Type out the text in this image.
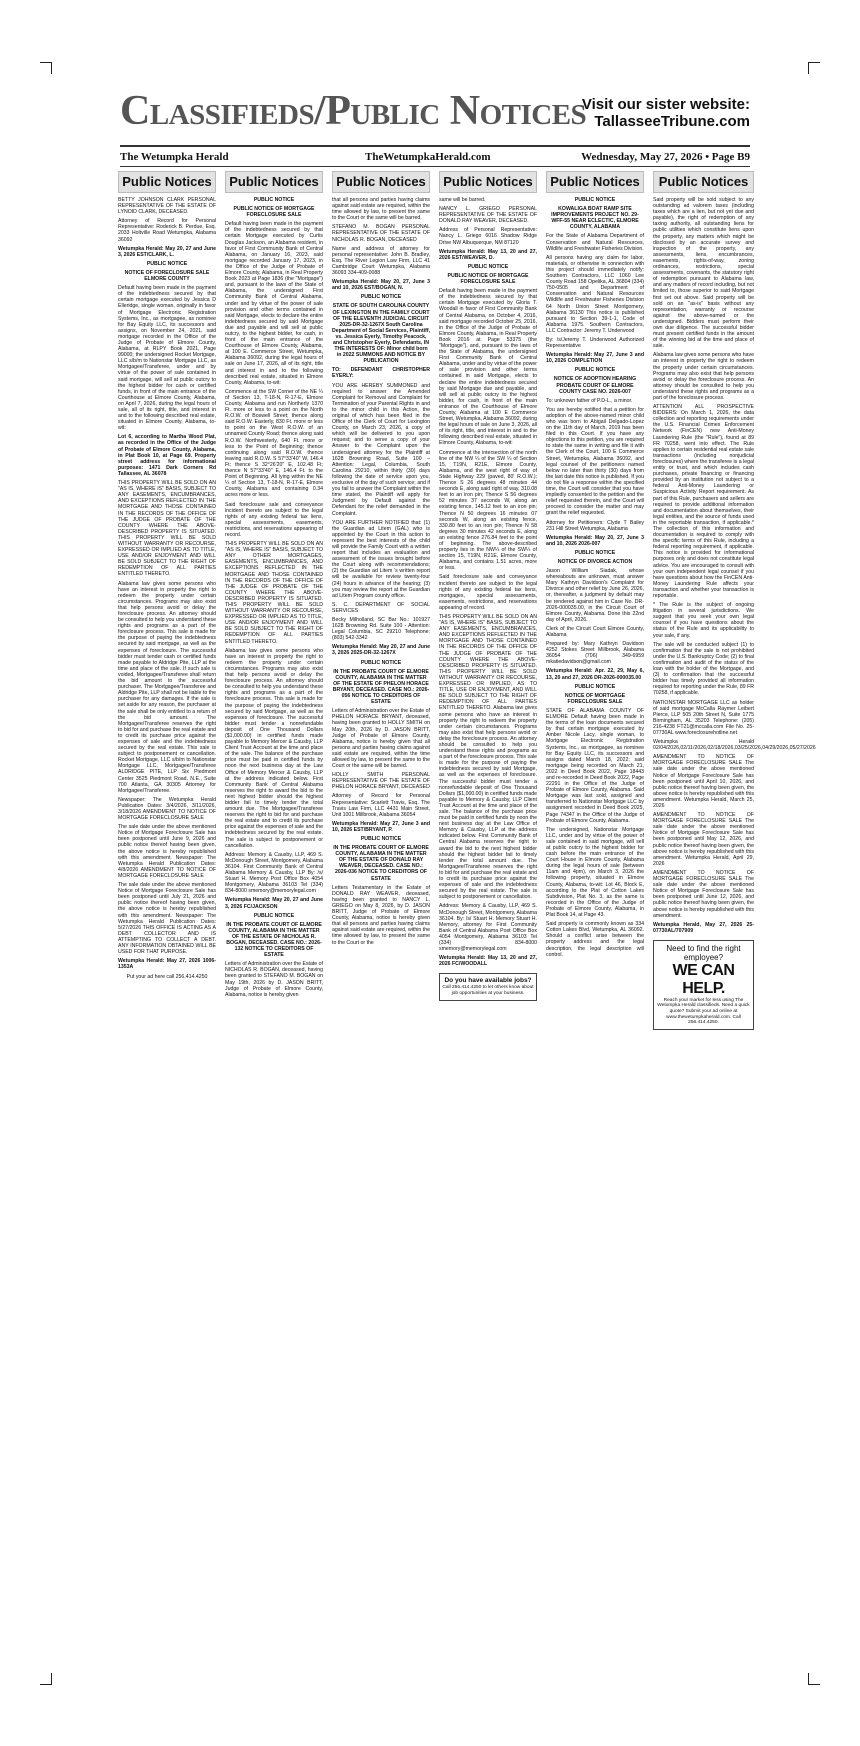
Classifieds/Public Notices
Visit our sister website:
TallasseeTribune.com
The Wetumpka Herald	TheWetumpkaHerald.com	Wednesday, May 27, 2026 • Page B9
Public Notices

BETTY JOHNSON CLARK PERSONAL REPRESENTATIVE OF THE ESTATE OF LYNOID CLARK, DECEASED.

Attorney of Record for Personal Representative: Roderick B. Perdue, Esq. 2033 Holtville Road Wetumpka, Alabama 36092

Wetumpka Herald: May 20, 27 and June 3, 2026 EST/CLARK, L.

PUBLIC NOTICE
NOTICE OF FORECLOSURE SALE ELMORE COUNTY

Default having been made in the payment of the indebtedness secured by that certain mortgage executed by Jessica D Elleridge, single woman, originally in favor of Mortgage Electronic Registration Systems, Inc., as mortgagee, as nominee for Bay Equity LLC, its successors and assigns, on November 24, 2021, said mortgage recorded in the Office of the Judge of Probate of Elmore County, Alabama, at RLPY Book 2021, Page 99000; the undersigned Rocket Mortgage, LLC s/b/m to Nationstar Mortgage LLC, as Mortgagee/Transferee, under and by virtue of the power of sale contained in said mortgage, will sell at public outcry to the highest bidder for cash or certified funds, in front of the main entrance of the Courthouse at Elmore County, Alabama, on April 7, 2026, during the legal hours of sale, all of its right, title, and interest in and to the following described real estate, situated in Elmore County, Alabama, to-wit:

Lot 6, according to Martha Wood Plat, as recorded in the Office of the Judge of Probate of Elmore County, Alabama, in Plat Book 10, at Page 69. Property street address for informational purposes: 1471 Dark Corners Rd Tallassee, AL 36078

THIS PROPERTY WILL BE SOLD ON AN "AS IS, WHERE IS" BASIS, SUBJECT TO ANY EASEMENTS, ENCUMBRANCES, AND EXCEPTIONS REFLECTED IN THE MORTGAGE AND THOSE CONTAINED IN THE RECORDS OF THE OFFICE OF THE JUDGE OF PROBATE OF THE COUNTY WHERE THE ABOVE-DESCRIBED PROPERTY IS SITUATED. THIS PROPERTY WILL BE SOLD WITHOUT WARRANTY OR RECOURSE, EXPRESSED OR IMPLIED AS TO TITLE, USE AND/OR ENJOYMENT AND WILL BE SOLD SUBJECT TO THE RIGHT OF REDEMPTION OF ALL PARTIES ENTITLED THERETO.

Alabama law gives some persons who have an interest in property the right to redeem the property under certain circumstances. Programs may also exist that help persons avoid or delay the foreclosure process. An attorney should be consulted to help you understand these rights and programs as a part of the foreclosure process. This sale is made for the purpose of paying the indebtedness secured by said mortgage, as well as the expenses of foreclosure. The successful bidder must tender cash or certified funds made payable to Aldridge Pite, LLP at the time and place of the sale. If such sale is voided, Mortgagee/Transferee shall return the bid amount to the successful purchaser. The Mortgagee/Transferee and Aldridge Pite, LLP shall not be liable to the purchaser for any damages. If the sale is set aside for any reason, the purchaser at the sale shall be only entitled to a return of the bid amount. The Mortgagee/Transferee reserves the right to bid for and purchase the real estate and to credit its purchase price against the expenses of sale and the indebtedness secured by the real estate. This sale is subject to postponement or cancellation. Rocket Mortgage, LLC s/b/m to Nationstar Mortgage LLC, Mortgagee/Transferee ALDRIDGE PITE, LLP Six Piedmont Center 3525 Piedmont Road, N.E., Suite 700 Atlanta, GA 30305 Attorney for Mortgagee/Transferee.

Newspaper: The Wetumpka Herald Publication Dates: 3/4/2026, 3/11/2026, 3/18/2026 AMENDMENT TO NOTICE OF MORTGAGE FORECLOSURE SALE

The sale date under the above mentioned Notice of Mortgage Foreclosure Sale has been postponed until June 9, 2026 and public notice thereof having been given, the above notice is hereby republished with this amendment. Newspaper: The Wetumpka Herald Publication Dates: 4/8/2026 AMENDMENT TO NOTICE OF MORTGAGE FORECLOSURE SALE

The sale date under the above mentioned Notice of Mortgage Foreclosure Sale has been postponed until July 21, 2026 and public notice thereof having been given, the above notice is hereby republished with this amendment. Newspaper: The Wetumpka Herald Publication Dates: 5/27/2026 THIS OFFICE IS ACTING AS A DEBT COLLECTOR AND IS ATTEMPTING TO COLLECT A DEBT. ANY INFORMATION OBTAINED WILL BE USED FOR THAT PURPOSE.

Wetumpka Herald: May 27, 2026 1006-1353A

Put your ad here call 256.414.4250
Public Notices
PUBLIC NOTICE
PUBLIC NOTICE OF MORTGAGE FORECLOSURE SALE

Default having been made in the payment of the indebtedness secured by that certain Mortgage executed by Curtis Douglas Jackson, an Alabama resident, in favor of First Community Bank of Central Alabama, on January 16, 2023, said mortgage recorded January 17, 2023, in the Office of the Judge of Probate of Elmore County, Alabama, in Real Property Book 2023 at Page 1836 (the "Mortgage") and, pursuant to the laws of the State of Alabama, the undersigned First Community Bank of Central Alabama, under and by virtue of the power of sale provision and other terms contained in said Mortgage, elects to declare the entire indebtedness secured by said Mortgage due and payable and will sell at public outcry, to the highest bidder, for cash, in front of the main entrance of the Courthouse of Elmore County, Alabama, at 100 E. Commerce Street, Wetumpka, Alabama 36092, during the legal hours of sale on June 17, 2026, all of its right, title and interest in and to the following described real estate, situated in Elmore County, Alabama, to-wit:

Commence at the SW Corner of the NE ¼ of Section 13, T-18-N, R-17-E, Elmore County, Alabama and run Northerly 1370 Ft. more or less to a point on the North R.O.W. of Boswell Street; thence along said R.O.W. Easterly, 830 Ft. more or less to point on the West R.O.W. of an unnamed County Road; thence along said R.O.W. Northwesterly, 640 Ft. more or less to the Point of Beginning; thence continuing along said R.O.W. thence leaving said R.O.W. S 57°33'40" W, 146.4 Ft; thence S 32°26'20" E, 102.48 Ft; thence N 57°33'40" E, 146.4 Ft. to the Point of Beginning. All lying within the NE ¼ of Section 13, T-18-N, R-17-E, Elmore County, Alabama and containing 0.34 acres more or less.

Said foreclosure sale and conveyance incident thereto are subject to the legal rights of any existing federal tax liens, special assessments, easements, restrictions, and reservations appearing of record.

THIS PROPERTY WILL BE SOLD ON AN "AS IS, WHERE IS" BASIS, SUBJECT TO ANY OTHER MORTGAGES, EASEMENTS, ENCUMBRANCES, AND EXCEPTIONS REFLECTED IN THE MORTGAGE AND THOSE CONTAINED IN THE RECORDS OF THE OFFICE OF THE JUDGE OF PROBATE OF THE COUNTY WHERE THE ABOVE-DESCRIBED PROPERTY IS SITUATED. THIS PROPERTY WILL BE SOLD WITHOUT WARRANTY OR RECOURSE, EXPRESSED OR IMPLIED AS TO TITLE, USE AND/OR ENJOYMENT AND WILL BE SOLD SUBJECT TO THE RIGHT OF REDEMPTION OF ALL PARTIES ENTITLED THERETO.

Alabama law gives some persons who have an interest in property the right to redeem the property under certain circumstances. Programs may also exist that help persons avoid or delay the foreclosure process. An attorney should be consulted to help you understand these rights and programs as a part of the foreclosure process. This sale is made for the purpose of paying the indebtedness secured by said Mortgage, as well as the expenses of foreclosure. The successful bidder must tender a nonrefundable deposit of One Thousand Dollars ($1,000.00) in certified funds made payable to Memory Mercer & Causby, LLP Client Trust Account at the time and place of the sale. The balance of the purchase price must be paid in certified funds by noon the next business day at the Law Office of Memory Mercer & Causby, LLP at the address indicated below. First Community Bank of Central Alabama reserves the right to award the bid to the next highest bidder should the highest bidder fail to timely tender the total amount due. The Mortgagee/Transferee reserves the right to bid for and purchase the real estate and to credit its purchase price against the expenses of sale and the indebtedness secured by the real estate. The sale is subject to postponement or cancellation.

Address: Memory & Causby, LLP, 469 S. McDonough Street, Montgomery, Alabama 36104. First Community Bank of Central Alabama Memory & Causby, LLP By: /s/ Stuart H. Memory Post Office Box 4054 Montgomery, Alabama 36103 Tel (334) 834-8000 smemory@memorylegal.com

Wetumpka Herald: May 20, 27 and June 3, 2026 FC/JACKSON

PUBLIC NOTICE
IN THE PROBATE COURT OF ELMORE COUNTY, ALABAMA IN THE MATTER OF THE ESTATE OF NICHOLAS R. BOGAN, DECEASED. CASE NO.: 2026-132 NOTICE TO CREDITORS OF ESTATE

Letters of Administration over the Estate of NICHOLAS R. BOGAN, deceased, having been granted to STEFANO M. BOGAN on May 19th, 2026 by D. JASON BRITT, Judge of Probate of Elmore County, Alabama, notice is hereby given

Public Notices

that all persons and parties having claims against said estate are required, within the time allowed by law, to present the same to the Court or the same will be barred.

STEFANO M. BOGAN PERSONAL REPRESENTATIVE OF THE ESTATE OF NICHOLAS R. BOGAN, DECEASED

Name and address of attorney for personal representative: John B. Bradley, Esq. The River Legion Law Firm, LLC 41 Cambridge Court Wetumpka, Alabama 36093 334-409-0088

Wetumpka Herald: May 20, 27, June 3 and 10, 2026 EST/BOGAN, N.

PUBLIC NOTICE
STATE OF SOUTH CAROLINA COUNTY OF LEXINGTON IN THE FAMILY COURT OF THE ELEVENTH JUDICIAL CIRCUIT 2025-DR-32-1267X South Carolina Department of Social Services, Plaintiff, vs. Jessica Eyerly, Timothy Peacock, and Christopher Eyerly, Defendants, IN THE INTERESTS OF: Minor child born in 2022 SUMMONS AND NOTICE BY PUBLICATION

TO: DEFENDANT CHRISTOPHER EYERLY:

YOU ARE HEREBY SUMMONED and required to answer the Amended Complaint for Removal and Complaint for Termination of your Parental Rights in and to the minor child in this Action, the original of which has been filed in the Office of the Clerk of Court for Lexington County, on March 23, 2026, a copy of which will be delivered to you upon request; and to serve a copy of your Answer to the Complaint upon the undersigned attorney for the Plaintiff at 1628 Browning Road, Suite 100 – Attention: Legal, Columbia, South Carolina 29210, within thirty (30) days following the date of service upon you, exclusive of the day of such service; and if you fail to answer the Complaint within the time stated, the Plaintiff will apply for Judgment by Default against the Defendant for the relief demanded in the Complaint.

YOU ARE FURTHER NOTIFIED that: (1) the Guardian ad Litem (GAL) who is appointed by the Court in this action to represent the best interests of the child will provide the Family Court with a written report that includes an evaluation and assessment of the issues brought before the Court along with recommendations; (2) the Guardian ad Litem 's written report will be available for review twenty-four (24) hours in advance of the hearing; (3) you may review the report at the Guardian ad Litem Program county office.

S. C. DEPARTMENT OF SOCIAL SERVICES

Becky Milholland, SC Bar No.: 101927 1628 Browning Rd. Suite 100 - Attention: Legal Columbia, SC 29210 Telephone: (803) 542-3342

Wetumpka Herald: May 20, 27 and June 3, 2026 2025-DR-32-1267X

PUBLIC NOTICE
IN THE PROBATE COURT OF ELMORE COUNTY, ALABAMA IN THE MATTER OF THE ESTATE OF PHELON HORACE BRYANT, DECEASED. CASE NO.: 2026-056 NOTICE TO CREDITORS OF ESTATE

Letters of Administration over the Estate of PHELON HORACE BRYANT, deceased, having been granted to HOLLY SMITH on May 20th, 2026 by D. JASON BRITT, Judge of Probate of Elmore County, Alabama, notice is hereby given that all persons and parties having claims against said estate are required, within the time allowed by law, to present the same to the Court or the same will be barred.

HOLLY SMITH PERSONAL REPRESENTATIVE OF THE ESTATE OF PHELON HORACE BRYANT, DECEASED

Attorney of Record for Personal Representative: Scarlett Travis, Esq. The Travis Law Firm, LLC 4431 Main Street, Unit 1001 Millbrook, Alabama 36054

Wetumpka Herald: May 27, June 3 and 10, 2026 EST/BRYANT, P.

PUBLIC NOTICE
IN THE PROBATE COURT OF ELMORE COUNTY, ALABAMA IN THE MATTER OF THE ESTATE OF DONALD RAY WEAVER, DECEASED. CASE NO.: 2026-036 NOTICE TO CREDITORS OF ESTATE

Letters Testamentary in the Estate of DONALD RAY WEAVER, deceased, having been granted to NANCY L. GRIEGO on May 8, 2026, by D. JASON BRITT, Judge of Probate of Elmore County, Alabama, notice is hereby given that all persons and parties having claims against said estate are required, within the time allowed by law, to present the same to the Court or the

Public Notices

same will be barred.

NANCY L. GRIEGO PERSONAL REPRESENTATIVE OF THE ESTATE OF DONALD RAY WEAVER, DECEASED.

Address of Personal Representative: Nancy L. Griego 6016 Shadow Ridge Drive NW Albuquerque, NM 87120

Wetumpka Herald: May 13, 20 and 27, 2026 EST/WEAVER, D.

PUBLIC NOTICE
PUBLIC NOTICE OF MORTGAGE FORECLOSURE SALE

Default having been made in the payment of the indebtedness secured by that certain Mortgage executed by Gloria T. Woodall in favor of First Community Bank of Central Alabama, on October 4, 2016, said mortgage recorded October 25, 2016, in the Office of the Judge of Probate of Elmore County, Alabama, in Real Property Book 2016 at Page 53375 (the "Mortgage"), and, pursuant to the laws of the State of Alabama, the undersigned First Community Bank of Central Alabama, under and by virtue of the power of sale provision and other terms contained in said Mortgage, elects to declare the entire indebtedness secured by said Mortgage due and payable, and will sell at public outcry to the highest bidder, for cash, in front of the main entrance of the Courthouse of Elmore County, Alabama at 100 E Commerce Street, Wetumpka, Alabama 36092, during the legal hours of sale on June 3, 2026, all of its right, title, and interest in and to the following described real estate, situated in Elmore County, Alabama, to-wit:

Commence at the intersection of the north line of the NW ¼ of the SW ¼ of Section 15, T19N, R21E, Elmore County, Alabama, and the west right of way of State Highway 229 (paved, 80' R.O.W.); Thence S 26 degrees 48 minutes 44 seconds E, along said right of way, 310.08 feet to an iron pin; Thence S 56 degrees 52 minutes 37 seconds W, along an existing fence, 145.12 feet to an iron pin; Thence N 50 degrees 16 minutes 07 seconds W, along an existing fence, 330.80 feet to an iron pin; Thence N 58 degrees 30 minutes 42 seconds E, along an existing fence 276.84 feet to the point of beginning. The above-described property lies in the NW¼ of the SW¼ of section 15, T19N, R21E, Elmore County, Alabama, and contains 1.51 acres, more or less.

Said foreclosure sale and conveyance incident thereto are subject to the legal rights of any existing federal tax liens, mortgages, special assessments, easements, restrictions, and reservations appearing of record.

THIS PROPERTY WILL BE SOLD ON AN "AS IS, WHERE IS" BASIS, SUBJECT TO ANY EASEMENTS, ENCUMBRANCES, AND EXCEPTIONS REFLECTED IN THE MORTGAGE AND THOSE CONTAINED IN THE RECORDS OF THE OFFICE OF THE JUDGE OF PROBATE OF THE COUNTY WHERE THE ABOVE-DESCRIBED PROPERTY IS SITUATED. THIS PROPERTY WILL BE SOLD WITHOUT WARRANTY OR RECOURSE, EXPRESSED OR IMPLIED, AS TO TITLE, USE OR ENJOYMENT, AND WILL BE SOLD SUBJECT TO THE RIGHT OF REDEMPTION OF ALL PARTIES ENTITLED THERETO. Alabama law gives some persons who have an interest in property the right to redeem the property under certain circumstances. Programs may also exist that help persons avoid or delay the foreclosure process. An attorney should be consulted to help you understand these rights and programs as a part of the foreclosure process. This sale is made for the purpose of paying the indebtedness secured by said Mortgage, as well as the expenses of foreclosure. The successful bidder must tender a nonrefundable deposit of One Thousand Dollars ($1,000.00) in certified funds made payable to Memory & Causby, LLP Client Trust Account at the time and place of the sale. The balance of the purchase price must be paid in certified funds by noon the next business day at the Law Office of Memory & Causby, LLP at the address indicated below. First Community Bank of Central Alabama reserves the right to award the bid to the next highest bidder should the highest bidder fail to timely tender the total amount due. The Mortgagee/Transferee reserves the right to bid for and purchase the real estate and to credit its purchase price against the expenses of sale and the indebtedness secured by the real estate. The sale is subject to postponement or cancellation.

Address: Memory & Causby, LLP, 469 S. McDonough Street, Montgomery, Alabama 36104. By: /s/ Stuart H. Memory Stuart H. Memory, attorney for First Community Bank of Central Alabama Post Office Box 4054 Montgomery, Alabama 36103 Tel (334) 834-8000 smemory@memorylegal.com

Wetumpka Herald: May 13, 20 and 27, 2026 FC/WOODALL

Do you have available jobs?
Call 256.414.4250 to let others know about job opportunities at your business.
Public Notices
PUBLIC NOTICE
KOWALIGA BOAT RAMP SITE IMPROVEMENTS PROJECT NO. 29-WFF-55 NEAR ECLECTIC, ELMORE COUNTY, ALABAMA

For the State of Alabama Department of Conservation and Natural Resources, Wildlife and Freshwater Fisheries Division.

All persons having any claim for labor, materials, or otherwise in connection with this project should immediately notify: Southern Contractors, LLC 1060 Lee County Road 158 Opelika, AL 36804 (334) 750-0505 and Department of Conservation and Natural Resources Wildlife and Freshwater Fisheries Division 64 North Union Street Montgomery, Alabama 36130 This notice is published pursuant to Section 39-1-1, Code of Alabama 1975. Southern Contractors, LLC Contractor: Jeremy T. Underwood

By: /s/Jeremy T. Underwood Authorized Representative

Wetumpka Herald: May 27, June 3 and 10, 2026 COMPLETION

PUBLIC NOTICE
NOTICE OF ADOPTION HEARING PROBATE COURT OF ELMORE COUNTY CASE NO. 2026-007

To: unknown father of P.D-L., a minor.

You are hereby notified that a petition for adoption of the above-named minor child who was born to Abigail Delgado-Lopez on the 11th day of March, 2019 has been filed in this Court. If you have any objections to this petition, you are required to state the same in writing and file it with the Clerk of the Court, 100 E Commerce Street, Wetumpka, Alabama 36092, and legal counsel of the petitioners named below no later than thirty (30) days from the last date this notice is published. If you do not file a response within the specified time, the Court will consider that you have impliedly consented to the petition and the relief requested therein, and the Court will proceed to consider the matter and may grant the relief requested.

Attorney for Petitioners: Clyde T Bailey 231 Hill Street Wetumpka, Alabama

Wetumpka Herald: May 20, 27, June 3 and 10, 2026 2026-007

PUBLIC NOTICE
NOTICE OF DIVORCE ACTION

Jason William Siadak, whose whereabouts are unknown, must answer Mary Kathryn Davidson's Complaint for Divorce and other relief by June 26, 2026, or, thereafter, a judgment by default may be rendered against him in Case No. DR-2026-000035.00, in the Circuit Court of Elmore County, Alabama. Done this 22nd day of April, 2026.

Clerk of the Circuit Court Elmore County, Alabama

Prepared by: Mary Kathryn Davidson 4252 Stokes Street Millbrook, Alabama 36054 (706) 349-6959 mkatiedavidson@gmail.com

Wetumpka Herald: Apr. 22, 29, May 6, 13, 20 and 27, 2026 DR-2026-000035.00

PUBLIC NOTICE
NOTICE OF MORTGAGE FORECLOSURE SALE

STATE OF ALABAMA COUNTY OF ELMORE Default having been made in the terms of the loan documents secured by that certain mortgage executed by Amber Nicole Lacy, single woman, to Mortgage Electronic Registration Systems, Inc., as mortgagee, as nominee for Bay Equity LLC, its successors and assigns dated March 18, 2022; said mortgage being recorded on March 21, 2022 in Deed Book 2022, Page 18443 and re-recorded in Deed Book 2022, Page 22291 in the Office of the Judge of Probate of Elmore County, Alabama. Said Mortgage was last sold, assigned and transferred to Nationstar Mortgage LLC by assignment recorded in Deed Book 2025, Page 74347 in the Office of the Judge of Probate of Elmore County, Alabama.

The undersigned, Nationstar Mortgage LLC, under and by virtue of the power of sale contained in said mortgage, will sell at public outcry to the highest bidder for cash before the main entrance of the Court House in Elmore County, Alabama during the legal hours of sale (between 11am and 4pm), on March 3, 2026 the following property, situated in Elmore County, Alabama, to-wit: Lot 46, Block E, according to the Plat of Cotton Lakes Subdivision, Plat No. 3, as the same is recorded in the Office of the Judge of Probate of Elmore County, Alabama, in Plat Book 14, at Page 43.

Said property is commonly known as 334 Cotton Lakes Blvd, Wetumpka, AL 36092. Should a conflict arise between the property address and the legal description, the legal description will control.

Public Notices

Said property will be sold subject to any outstanding ad valorem taxes (including taxes which are a lien, but not yet due and payable), the right of redemption of any taxing authority, all outstanding liens for public utilities which constitute liens upon the property, any matters which might be disclosed by an accurate survey and inspection of the property, any assessments, liens, encumbrances, easements, rights-of-way, zoning ordinances, restrictions, special assessments, covenants, the statutory right of redemption pursuant to Alabama law, and any matters of record including, but not limited to, those superior to said Mortgage first set out above. Said property will be sold on an "as-is" basis without any representation, warranty or recourse against the above-named or the undersigned. Bidders must perform their own due diligence. The successful bidder must present certified funds in the amount of the winning bid at the time and place of sale.

Alabama law gives some persons who have an interest in property the right to redeem the property under certain circumstances. Programs may also exist that help persons avoid or delay the foreclosure process. An attorney should be consulted to help you understand these rights and programs as a part of the foreclosure process.

ATTENTION ALL PROSPECTIVE BIDDERS: On March 1, 2026, the data collection and reporting requirements under the U.S. Financial Crimes Enforcement Network (FinCEN) new Anti-Money Laundering Rule (the "Rule"), found at 89 FR 70258, went into effect. The Rule applies to certain residential real estate sale transactions (including nonjudicial foreclosures) where the transferee is a legal entity or trust, and which includes cash purchases, private financing or financing provided by an institution not subject to a federal Anti-Money Laundering or Suspicious Activity Report requirement. As part of this Rule, purchasers and sellers are required to provide additional information and documentation about themselves, their legal entities, and the source of funds used in the reportable transaction, if applicable.* The collection of this information and documentation is required to comply with the specific terms of this Rule, including a federal reporting requirement, if applicable. This notice is provided for informational purposes only and does not constitute legal advice. You are encouraged to consult with your own independent legal counsel if you have questions about how the FinCEN Anti-Money Laundering Rule affects your transaction and whether your transaction is reportable.

* The Rule is the subject of ongoing litigation in several jurisdictions. We suggest that you seek your own legal counsel if you have questions about the status of the Rule and its applicability to your sale, if any.

The sale will be conducted subject (1) to confirmation that the sale is not prohibited under the U.S. Bankruptcy Code; (2) to final confirmation and audit of the status of the loan with the holder of the Mortgage, and (3) to confirmation that the successful bidder has timely provided all information required for reporting under the Rule, 89 FR 70258, if applicable.

NATIONSTAR MORTGAGE LLC as holder of said mortgage McCalla Raymer Leibert Pierce, LLP 505 20th Street N, Suite 1775 Birmingham, AL 35203 Telephone: (205) 216-4238 FT21@mccalla.com File No. 25-07730AL www.foreclosurehotline.net

Wetumpka Herald 02/04/2026,02/11/2026,02/18/2026,03/25/2026,04/29/2026,05/27/2026

AMENDMENT TO NOTICE OF MORTGAGE FORECLOSURE SALE The sale date under the above mentioned Notice of Mortgage Foreclosure Sale has been postponed until April 10, 2026, and public notice thereof having been given, the above notice is hereby republished with this amendment. Wetumpka Herald, March 25, 2026

AMENDMENT TO NOTICE OF MORTGAGE FORECLOSURE SALE The sale date under the above mentioned Notice of Mortgage Foreclosure Sale has been postponed until May 12, 2026, and public notice thereof having been given, the above notice is hereby republished with this amendment. Wetumpka Herald, April 29, 2026

AMENDMENT TO NOTICE OF MORTGAGE FORECLOSURE SALE The sale date under the above mentioned Notice of Mortgage Foreclosure Sale has been postponed until June 12, 2026, and public notice thereof having been given, the above notice is hereby republished with this amendment.

Wetumpka Herald, May 27, 2026 25-07730AL/707909

Need to find the right employee?
WE CAN HELP.
Reach your market for less using The Wetumpka Herald classifieds. Need a quick quote? Submit your ad online at www.thewetumpkaherald.com. Call 256.414.4250.
